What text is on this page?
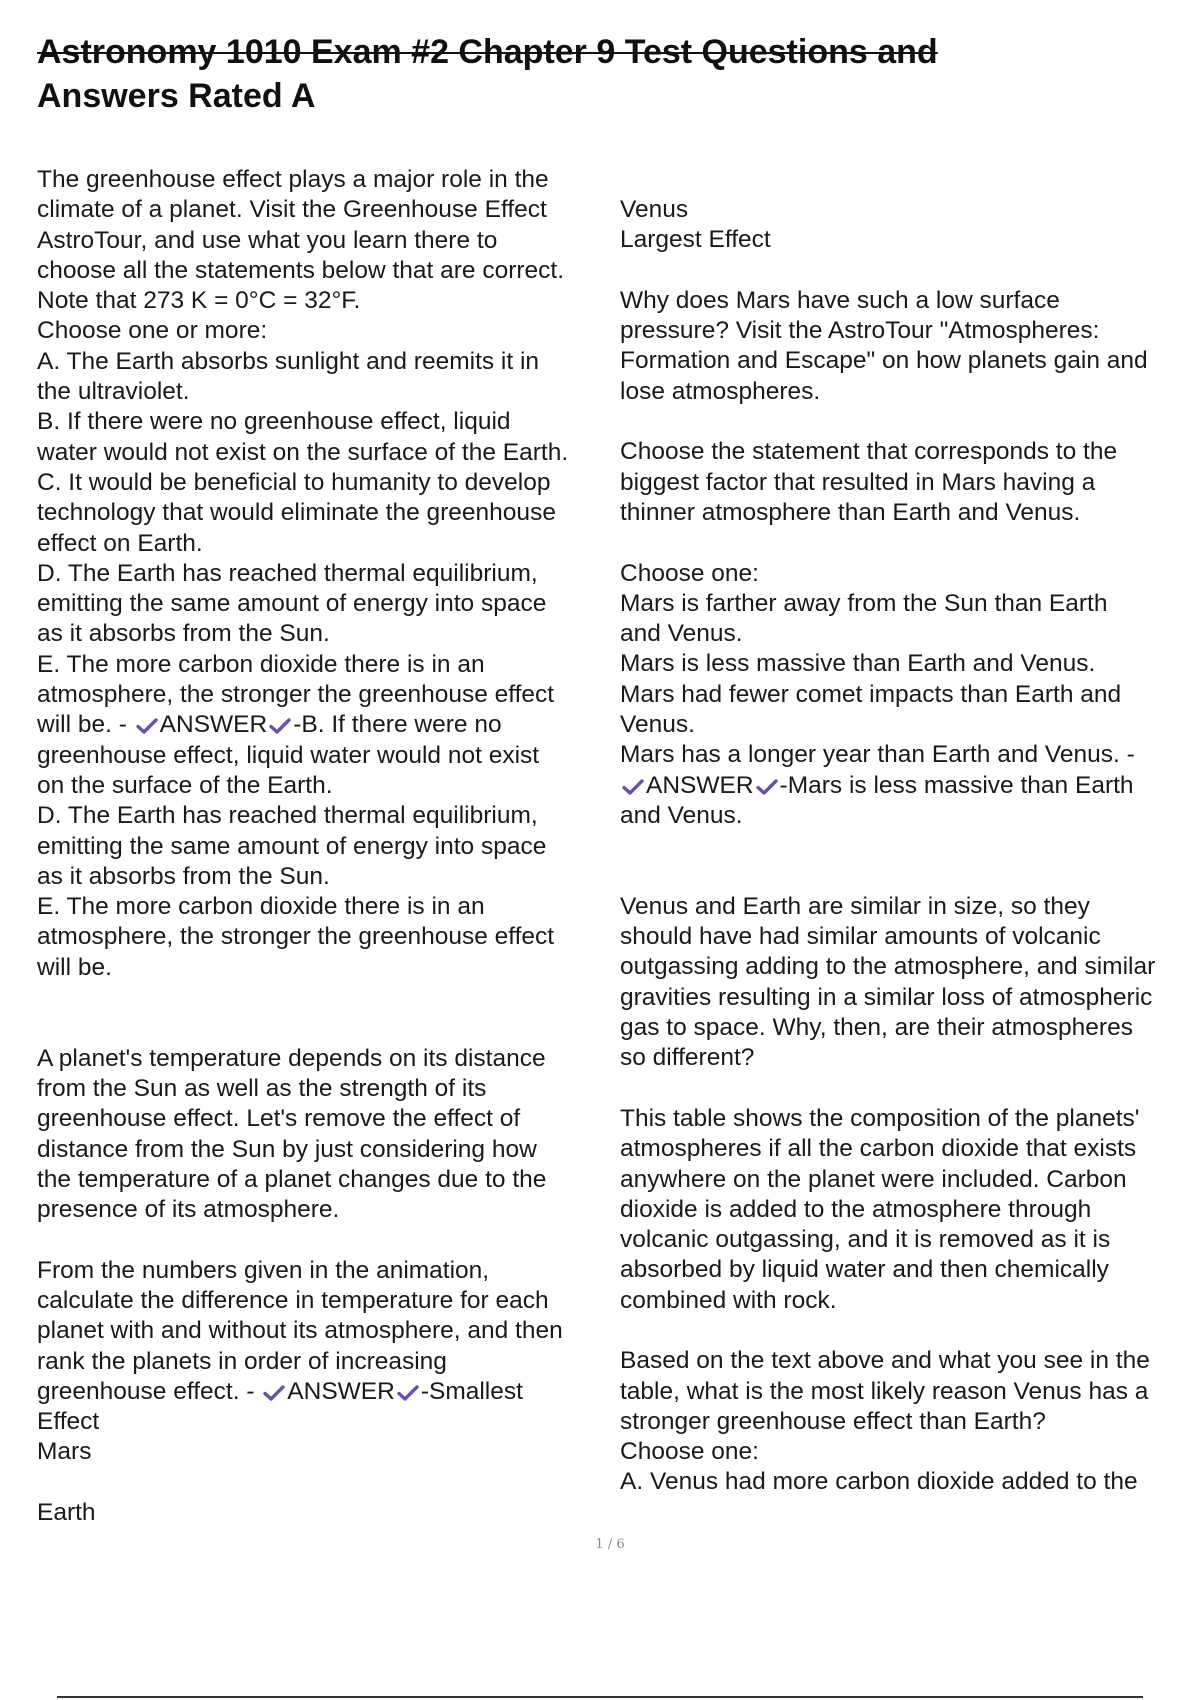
Astronomy 1010 Exam #2 Chapter 9 Test Questions and
Answers Rated A
The greenhouse effect plays a major role in the
climate of a planet. Visit the Greenhouse Effect
AstroTour, and use what you learn there to
choose all the statements below that are correct.
Note that 273 K = 0°C = 32°F.
Choose one or more:
A. The Earth absorbs sunlight and reemits it in
the ultraviolet.
B. If there were no greenhouse effect, liquid
water would not exist on the surface of the Earth.
C. It would be beneficial to humanity to develop
technology that would eliminate the greenhouse
effect on Earth.
D. The Earth has reached thermal equilibrium,
emitting the same amount of energy into space
as it absorbs from the Sun.
E. The more carbon dioxide there is in an
atmosphere, the stronger the greenhouse effect
will be. -
ANSWER -B. If there were no
greenhouse effect, liquid water would not exist
on the surface of the Earth.
D. The Earth has reached thermal equilibrium,
emitting the same amount of energy into space
as it absorbs from the Sun.
E. The more carbon dioxide there is in an
atmosphere, the stronger the greenhouse effect
will be.
A planet's temperature depends on its distance
from the Sun as well as the strength of its
greenhouse effect. Let's remove the effect of
distance from the Sun by just considering how
the temperature of a planet changes due to the
presence of its atmosphere.
From the numbers given in the animation,
calculate the difference in temperature for each
planet with and without its atmosphere, and then
rank the planets in order of increasing
greenhouse effect. -
ANSWER -Smallest
Effect
Mars
Earth
Venus
Largest Effect
Why does Mars have such a low surface
pressure? Visit the AstroTour "Atmospheres:
Formation and Escape" on how planets gain and
lose atmospheres.
Choose the statement that corresponds to the
biggest factor that resulted in Mars having a
thinner atmosphere than Earth and Venus.
Choose one:
Mars is farther away from the Sun than Earth
and Venus.
Mars is less massive than Earth and Venus.
Mars had fewer comet impacts than Earth and
Venus.
Mars has a longer year than Earth and Venus. -
ANSWER -Mars is less massive than Earth
and Venus.
Venus and Earth are similar in size, so they
should have had similar amounts of volcanic
outgassing adding to the atmosphere, and similar
gravities resulting in a similar loss of atmospheric
gas to space. Why, then, are their atmospheres
so different?
This table shows the composition of the planets'
atmospheres if all the carbon dioxide that exists
anywhere on the planet were included. Carbon
dioxide is added to the atmosphere through
volcanic outgassing, and it is removed as it is
absorbed by liquid water and then chemically
combined with rock.
Based on the text above and what you see in the
table, what is the most likely reason Venus has a
stronger greenhouse effect than Earth?
Choose one:
A. Venus had more carbon dioxide added to the
1 / 6
